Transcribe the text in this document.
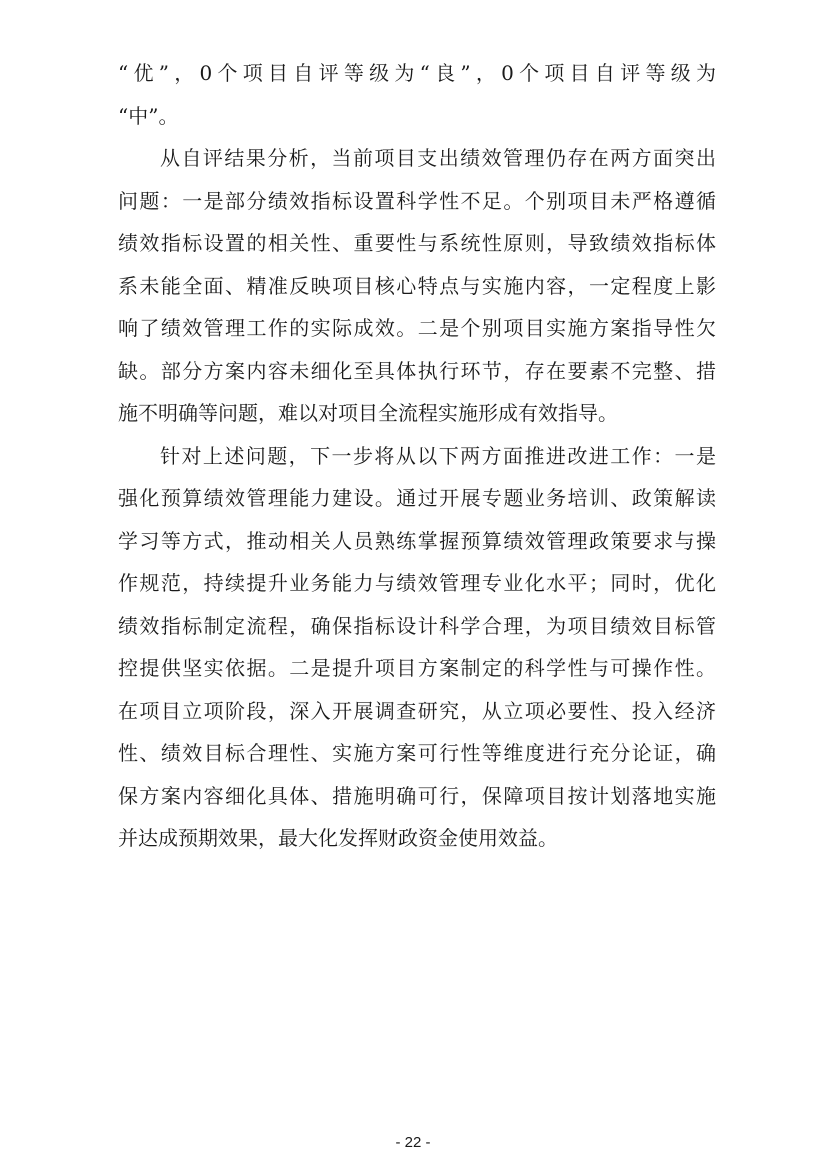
“优”，0个项目自评等级为“良”，0个项目自评等级为
“中”。
从自评结果分析，当前项目支出绩效管理仍存在两方面突出
问题：一是部分绩效指标设置科学性不足。个别项目未严格遵循
绩效指标设置的相关性、重要性与系统性原则，导致绩效指标体
系未能全面、精准反映项目核心特点与实施内容，一定程度上影
响了绩效管理工作的实际成效。二是个别项目实施方案指导性欠
缺。部分方案内容未细化至具体执行环节，存在要素不完整、措
施不明确等问题，难以对项目全流程实施形成有效指导。
针对上述问题，下一步将从以下两方面推进改进工作：一是
强化预算绩效管理能力建设。通过开展专题业务培训、政策解读
学习等方式，推动相关人员熟练掌握预算绩效管理政策要求与操
作规范，持续提升业务能力与绩效管理专业化水平；同时，优化
绩效指标制定流程，确保指标设计科学合理，为项目绩效目标管
控提供坚实依据。二是提升项目方案制定的科学性与可操作性。
在项目立项阶段，深入开展调查研究，从立项必要性、投入经济
性、绩效目标合理性、实施方案可行性等维度进行充分论证，确
保方案内容细化具体、措施明确可行，保障项目按计划落地实施
并达成预期效果，最大化发挥财政资金使用效益。
- 22 -
